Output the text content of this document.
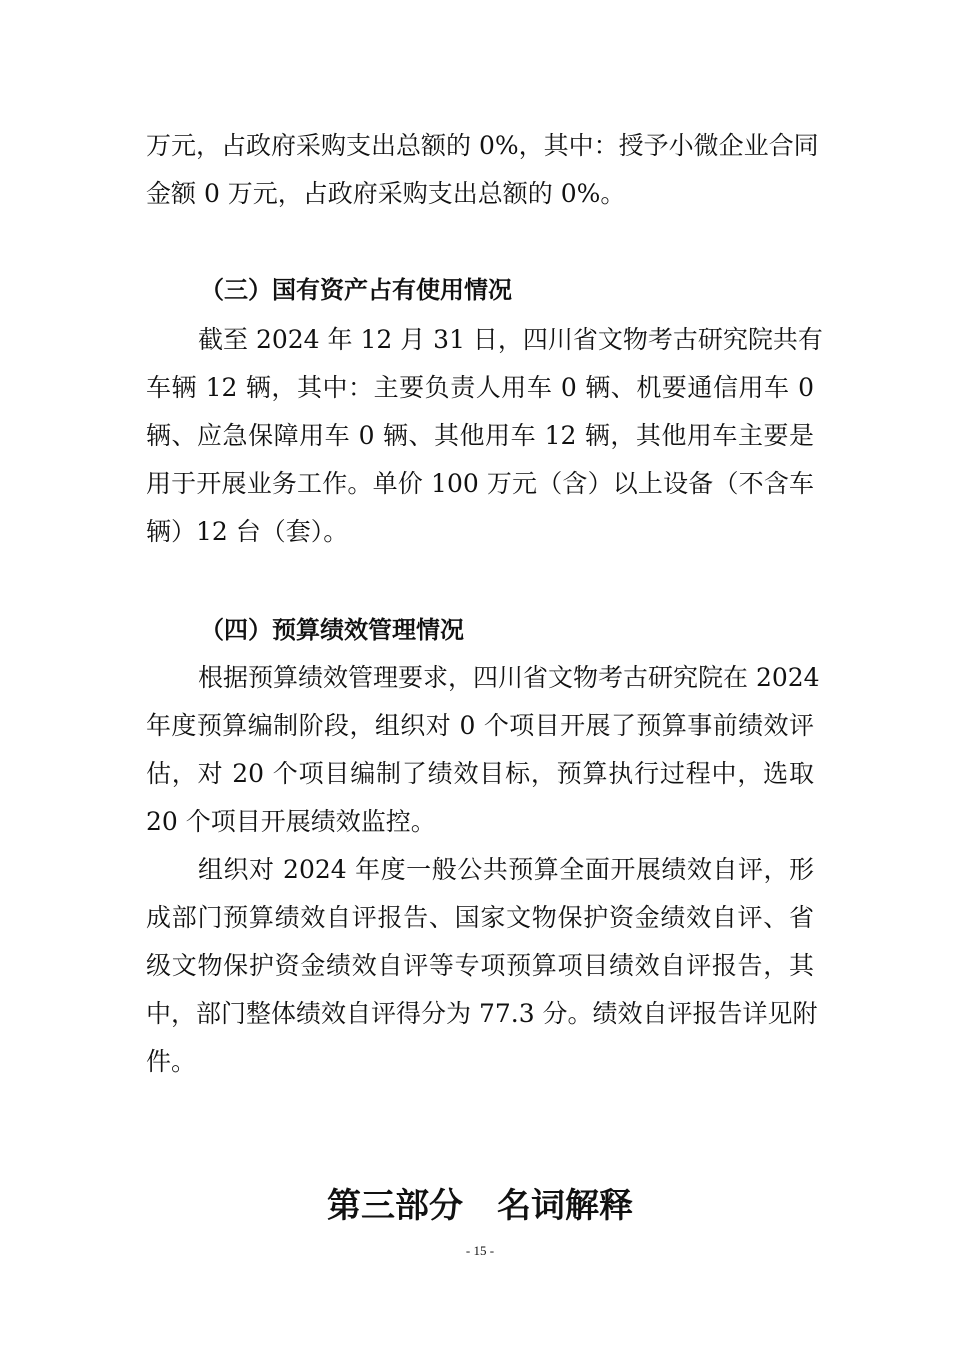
万元，占政府采购支出总额的 0%，其中：授予小微企业合同

金额 0 万元，占政府采购支出总额的 0%。

（三）国有资产占有使用情况

截至 2024 年 12 月 31 日，四川省文物考古研究院共有

车辆 12 辆，其中：主要负责人用车 0 辆、机要通信用车 0

辆、应急保障用车 0 辆、其他用车 12 辆，其他用车主要是

用于开展业务工作。单价 100 万元（含）以上设备（不含车

辆）12 台（套）。

（四）预算绩效管理情况

根据预算绩效管理要求，四川省文物考古研究院在 2024

年度预算编制阶段，组织对 0 个项目开展了预算事前绩效评

估，对 20 个项目编制了绩效目标，预算执行过程中，选取

20 个项目开展绩效监控。

组织对 2024 年度一般公共预算全面开展绩效自评，形

成部门预算绩效自评报告、国家文物保护资金绩效自评、省

级文物保护资金绩效自评等专项预算项目绩效自评报告，其

中，部门整体绩效自评得分为 77.3 分。绩效自评报告详见附

件。

第三部分　名词解释
- 15 -
